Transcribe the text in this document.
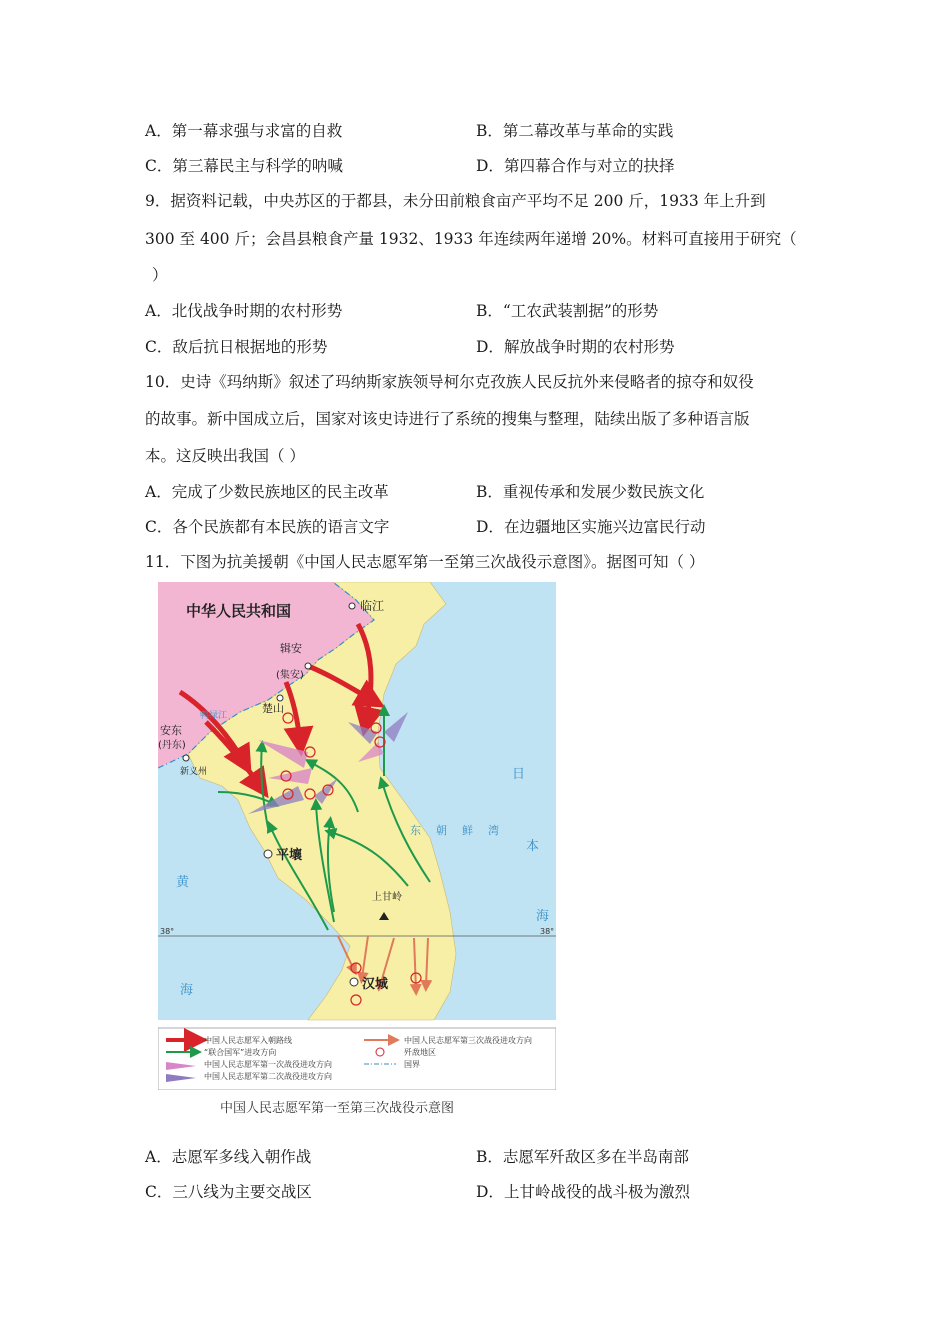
A．第一幕求强与求富的自救	B．第二幕改革与革命的实践
C．第三幕民主与科学的呐喊	D．第四幕合作与对立的抉择
9．据资料记载，中央苏区的于都县，未分田前粮食亩产平均不足 200 斤，1933 年上升到
300 至 400 斤；会昌县粮食产量 1932、1933 年连续两年递增 20%。材料可直接用于研究（
）
A．北伐战争时期的农村形势	B．“工农武装割据”的形势
C．敌后抗日根据地的形势	D．解放战争时期的农村形势
10．史诗《玛纳斯》叙述了玛纳斯家族领导柯尔克孜族人民反抗外来侵略者的掠夺和奴役
的故事。新中国成立后，国家对该史诗进行了系统的搜集与整理，陆续出版了多种语言版
本。这反映出我国（ ）
A．完成了少数民族地区的民主改革	B．重视传承和发展少数民族文化
C．各个民族都有本民族的语言文字	D．在边疆地区实施兴边富民行动
11．下图为抗美援朝《中国人民志愿军第一至第三次战役示意图》。据图可知（ ）
38°	38°
中华人民共和国	临江
辑安
(集安)
楚山
安东
(丹东)
新义州
鸭绿江
平壤
上甘岭
汉城
东 朝 鲜 湾
日
本
海
黄
海
中国人民志愿军入朝路线
“联合国军”进攻方向
中国人民志愿军第一次战役进攻方向
中国人民志愿军第二次战役进攻方向
中国人民志愿军第三次战役进攻方向
歼敌地区
国界
中国人民志愿军第一至第三次战役示意图
A．志愿军多线入朝作战	B．志愿军歼敌区多在半岛南部
C．三八线为主要交战区	D．上甘岭战役的战斗极为激烈
